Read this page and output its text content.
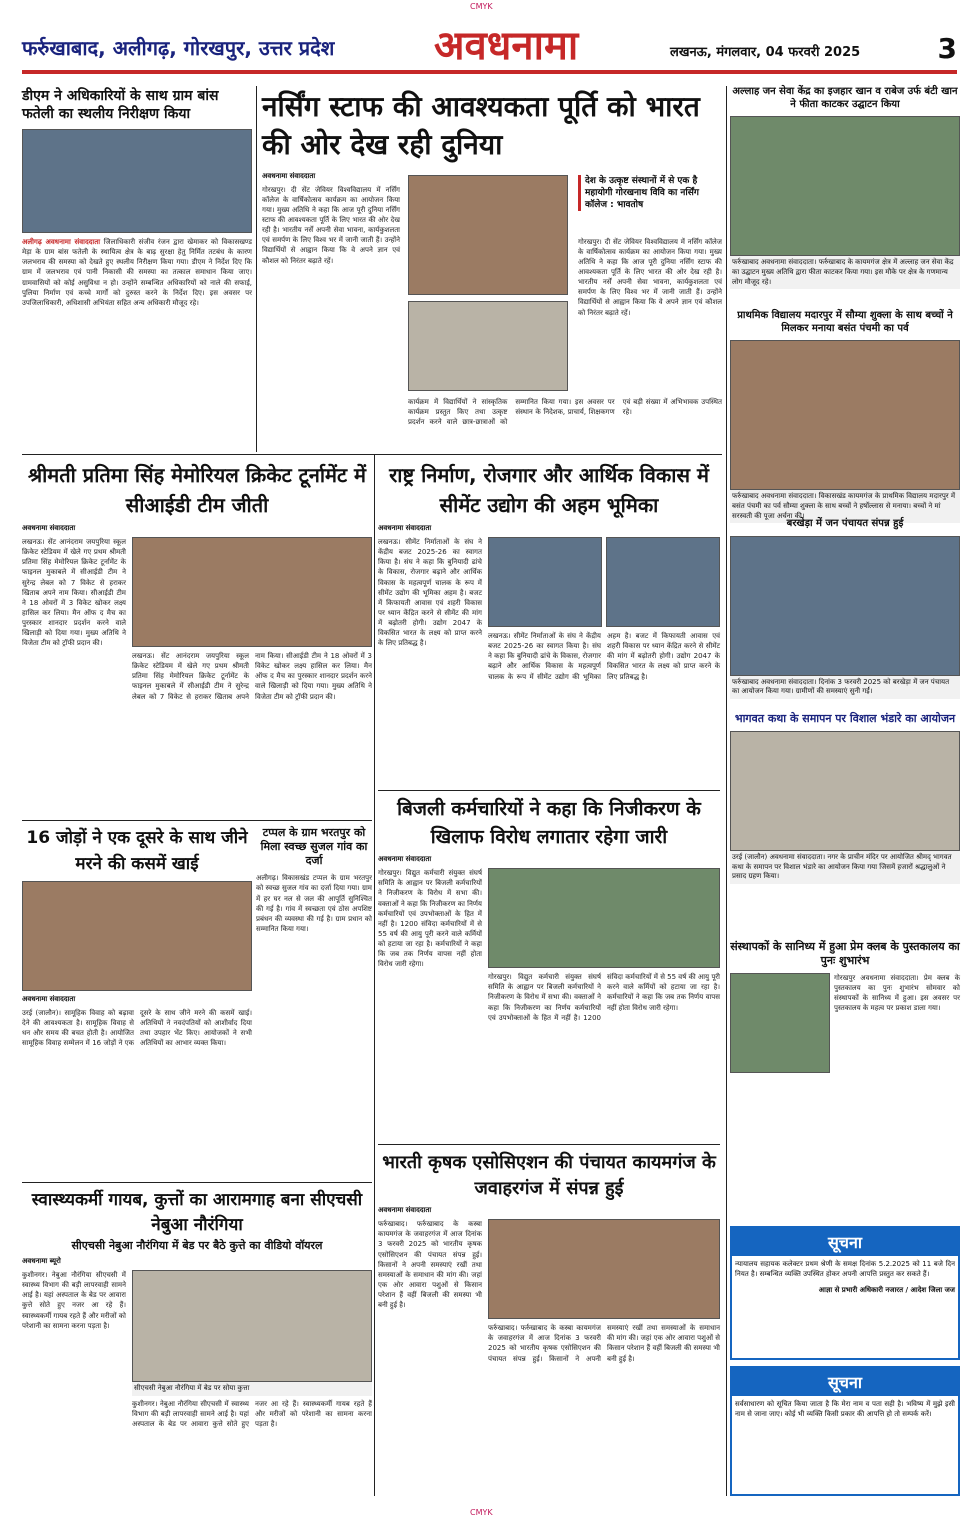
CMYK
फर्रुखाबाद, अलीगढ़, गोरखपुर, उत्तर प्रदेश अवधनामा	लखनऊ, मंगलवार, 04 फरवरी 2025	3
डीएम ने अधिकारियों के साथ ग्राम बांस फतेली का स्थलीय निरीक्षण किया
अलीगढ़ अवधनामा संवाददाता जिलाधिकारी संजीव रंजन द्वारा खेमाकर को विकासखण्ड मेड़ा के ग्राम बांस फतेली के स्थायित्व क्षेत्र के बाढ़ सुरक्षा हेतु निर्मित तटबंध के कारण जलभराव की समस्या को देखते हुए स्थलीय निरीक्षण किया गया। डीएम ने निर्देश दिए कि ग्राम में जलभराव एवं पानी निकासी की समस्या का तत्काल समाधान किया जाए। ग्रामवासियों को कोई असुविधा न हो। उन्होंने सम्बन्धित अधिकारियों को नाले की सफाई, पुलिया निर्माण एवं कच्चे मार्गों को दुरुस्त करने के निर्देश दिए। इस अवसर पर उपजिलाधिकारी, अधिशासी अभियंता सहित अन्य अधिकारी मौजूद रहे।
नर्सिंग स्टाफ की आवश्यकता पूर्ति को भारत की ओर देख रही दुनिया
अवधनामा संवाददाता
गोरखपुर। दी सेंट जेवियर विश्वविद्यालय में नर्सिंग कॉलेज के वार्षिकोत्सव कार्यक्रम का आयोजन किया गया। मुख्य अतिथि ने कहा कि आज पूरी दुनिया नर्सिंग स्टाफ की आवश्यकता पूर्ति के लिए भारत की ओर देख रही है। भारतीय नर्सें अपनी सेवा भावना, कार्यकुशलता एवं समर्पण के लिए विश्व भर में जानी जाती हैं। उन्होंने विद्यार्थियों से आह्वान किया कि वे अपने ज्ञान एवं कौशल को निरंतर बढ़ाते रहें।
देश के उत्कृष्ट संस्थानों में से एक है महायोगी गोरखनाथ विवि का नर्सिंग कॉलेज : भावतोष
कार्यक्रम में विद्यार्थियों ने सांस्कृतिक कार्यक्रम प्रस्तुत किए तथा उत्कृष्ट प्रदर्शन करने वाले छात्र-छात्राओं को सम्मानित किया गया। इस अवसर पर संस्थान के निदेशक, प्राचार्य, शिक्षकगण एवं बड़ी संख्या में अभिभावक उपस्थित रहे।
गोरखपुर। दी सेंट जेवियर विश्वविद्यालय में नर्सिंग कॉलेज के वार्षिकोत्सव कार्यक्रम का आयोजन किया गया। मुख्य अतिथि ने कहा कि आज पूरी दुनिया नर्सिंग स्टाफ की आवश्यकता पूर्ति के लिए भारत की ओर देख रही है। भारतीय नर्सें अपनी सेवा भावना, कार्यकुशलता एवं समर्पण के लिए विश्व भर में जानी जाती हैं। उन्होंने विद्यार्थियों से आह्वान किया कि वे अपने ज्ञान एवं कौशल को निरंतर बढ़ाते रहें।
अल्लाह जन सेवा केंद्र का इजहार खान व राबेज उर्फ बंटी खान ने फीता काटकर उद्घाटन किया
फर्रुखाबाद अवधनामा संवाददाता। फर्रुखाबाद के कायमगंज क्षेत्र में अल्लाह जन सेवा केंद्र का उद्घाटन मुख्य अतिथि द्वारा फीता काटकर किया गया। इस मौके पर क्षेत्र के गणमान्य लोग मौजूद रहे।
प्राथमिक विद्यालय मदारपुर में सौम्या शुक्ला के साथ बच्चों ने मिलकर मनाया बसंत पंचमी का पर्व
फर्रुखाबाद अवधनामा संवाददाता। विकासखंड कायमगंज के प्राथमिक विद्यालय मदारपुर में बसंत पंचमी का पर्व सौम्या शुक्ला के साथ बच्चों ने हर्षोल्लास से मनाया। बच्चों ने मां सरस्वती की पूजा अर्चना की।
बरखेड़ा में जन पंचायत संपन्न हुई
फर्रुखाबाद अवधनामा संवाददाता। दिनांक 3 फरवरी 2025 को बरखेड़ा में जन पंचायत का आयोजन किया गया। ग्रामीणों की समस्याएं सुनी गईं।
भागवत कथा के समापन पर विशाल भंडारे का आयोजन
उरई (जालौन) अवधनामा संवाददाता। नगर के प्राचीन मंदिर पर आयोजित श्रीमद् भागवत कथा के समापन पर विशाल भंडारे का आयोजन किया गया जिसमें हजारों श्रद्धालुओं ने प्रसाद ग्रहण किया।
संस्थापकों के सानिध्य में हुआ प्रेम क्लब के पुस्तकालय का पुनः शुभारंभ
गोरखपुर अवधनामा संवाददाता। प्रेम क्लब के पुस्तकालय का पुनः शुभारंभ सोमवार को संस्थापकों के सानिध्य में हुआ। इस अवसर पर पुस्तकालय के महत्व पर प्रकाश डाला गया।
सूचना
न्यायालय सहायक कलेक्टर प्रथम श्रेणी के समक्ष दिनांक 5.2.2025 को 11 बजे दिन नियत है। सम्बन्धित व्यक्ति उपस्थित होकर अपनी आपत्ति प्रस्तुत कर सकते हैं।
आज्ञा से प्रभारी अधिकारी नजारत / आदेश जिला जज
सूचना
सर्वसाधारण को सूचित किया जाता है कि मेरा नाम व पता सही है। भविष्य में मुझे इसी नाम से जाना जाए। कोई भी व्यक्ति किसी प्रकार की आपत्ति हो तो सम्पर्क करें।
श्रीमती प्रतिमा सिंह मेमोरियल क्रिकेट टूर्नामेंट में सीआईडी टीम जीती
अवधनामा संवाददाता
लखनऊ। सेंट आनंदराम जयपुरिया स्कूल क्रिकेट स्टेडियम में खेले गए प्रथम श्रीमती प्रतिमा सिंह मेमोरियल क्रिकेट टूर्नामेंट के फाइनल मुकाबले में सीआईडी टीम ने सुरेन्द्र लेबल को 7 विकेट से हराकर खिताब अपने नाम किया। सीआईडी टीम ने 18 ओवरों में 3 विकेट खोकर लक्ष्य हासिल कर लिया। मैन ऑफ द मैच का पुरस्कार शानदार प्रदर्शन करने वाले खिलाड़ी को दिया गया। मुख्य अतिथि ने विजेता टीम को ट्रॉफी प्रदान की।
लखनऊ। सेंट आनंदराम जयपुरिया स्कूल क्रिकेट स्टेडियम में खेले गए प्रथम श्रीमती प्रतिमा सिंह मेमोरियल क्रिकेट टूर्नामेंट के फाइनल मुकाबले में सीआईडी टीम ने सुरेन्द्र लेबल को 7 विकेट से हराकर खिताब अपने नाम किया। सीआईडी टीम ने 18 ओवरों में 3 विकेट खोकर लक्ष्य हासिल कर लिया। मैन ऑफ द मैच का पुरस्कार शानदार प्रदर्शन करने वाले खिलाड़ी को दिया गया। मुख्य अतिथि ने विजेता टीम को ट्रॉफी प्रदान की।
राष्ट्र निर्माण, रोजगार और आर्थिक विकास में सीमेंट उद्योग की अहम भूमिका
अवधनामा संवाददाता
लखनऊ। सीमेंट निर्माताओं के संघ ने केंद्रीय बजट 2025-26 का स्वागत किया है। संघ ने कहा कि बुनियादी ढांचे के विकास, रोजगार बढ़ाने और आर्थिक विकास के महत्वपूर्ण चालक के रूप में सीमेंट उद्योग की भूमिका अहम है। बजट में किफायती आवास एवं शहरी विकास पर ध्यान केंद्रित करने से सीमेंट की मांग में बढ़ोतरी होगी। उद्योग 2047 के विकसित भारत के लक्ष्य को प्राप्त करने के लिए प्रतिबद्ध है।
लखनऊ। सीमेंट निर्माताओं के संघ ने केंद्रीय बजट 2025-26 का स्वागत किया है। संघ ने कहा कि बुनियादी ढांचे के विकास, रोजगार बढ़ाने और आर्थिक विकास के महत्वपूर्ण चालक के रूप में सीमेंट उद्योग की भूमिका अहम है। बजट में किफायती आवास एवं शहरी विकास पर ध्यान केंद्रित करने से सीमेंट की मांग में बढ़ोतरी होगी। उद्योग 2047 के विकसित भारत के लक्ष्य को प्राप्त करने के लिए प्रतिबद्ध है।
16 जोड़ों ने एक दूसरे के साथ जीने मरने की कसमें खाई
अवधनामा संवाददाता
उरई (जालौन)। सामूहिक विवाह को बढ़ावा देने की आवश्यकता है। सामूहिक विवाह से धन और समय की बचत होती है। आयोजित सामूहिक विवाह सम्मेलन में 16 जोड़ों ने एक दूसरे के साथ जीने मरने की कसमें खाई। अतिथियों ने नवदंपतियों को आशीर्वाद दिया तथा उपहार भेंट किए। आयोजकों ने सभी अतिथियों का आभार व्यक्त किया।
टप्पल के ग्राम भरतपुर को मिला स्वच्छ सुजल गांव का दर्जा
अलीगढ़। विकासखंड टप्पल के ग्राम भरतपुर को स्वच्छ सुजल गांव का दर्जा दिया गया। ग्राम में हर घर नल से जल की आपूर्ति सुनिश्चित की गई है। गांव में स्वच्छता एवं ठोस अपशिष्ट प्रबंधन की व्यवस्था की गई है। ग्राम प्रधान को सम्मानित किया गया।
बिजली कर्मचारियों ने कहा कि निजीकरण के खिलाफ विरोध लगातार रहेगा जारी
अवधनामा संवाददाता
गोरखपुर। विद्युत कर्मचारी संयुक्त संघर्ष समिति के आह्वान पर बिजली कर्मचारियों ने निजीकरण के विरोध में सभा की। वक्ताओं ने कहा कि निजीकरण का निर्णय कर्मचारियों एवं उपभोक्ताओं के हित में नहीं है। 1200 संविदा कर्मचारियों में से 55 वर्ष की आयु पूरी करने वाले कर्मियों को हटाया जा रहा है। कर्मचारियों ने कहा कि जब तक निर्णय वापस नहीं होता विरोध जारी रहेगा।
गोरखपुर। विद्युत कर्मचारी संयुक्त संघर्ष समिति के आह्वान पर बिजली कर्मचारियों ने निजीकरण के विरोध में सभा की। वक्ताओं ने कहा कि निजीकरण का निर्णय कर्मचारियों एवं उपभोक्ताओं के हित में नहीं है। 1200 संविदा कर्मचारियों में से 55 वर्ष की आयु पूरी करने वाले कर्मियों को हटाया जा रहा है। कर्मचारियों ने कहा कि जब तक निर्णय वापस नहीं होता विरोध जारी रहेगा।
स्वास्थ्यकर्मी गायब, कुत्तों का आरामगाह बना सीएचसी नेबुआ नौरंगिया
सीएचसी नेबुआ नौरंगिया में बेड पर बैठे कुत्ते का वीडियो वॉयरल
अवधनामा ब्यूरो
कुशीनगर। नेबुआ नौरंगिया सीएचसी में स्वास्थ्य विभाग की बड़ी लापरवाही सामने आई है। यहां अस्पताल के बेड पर आवारा कुत्ते सोते हुए नजर आ रहे हैं। स्वास्थ्यकर्मी गायब रहते हैं और मरीजों को परेशानी का सामना करना पड़ता है।
सीएचसी नेबुआ नौरंगिया में बेड पर सोया कुत्ता
कुशीनगर। नेबुआ नौरंगिया सीएचसी में स्वास्थ्य विभाग की बड़ी लापरवाही सामने आई है। यहां अस्पताल के बेड पर आवारा कुत्ते सोते हुए नजर आ रहे हैं। स्वास्थ्यकर्मी गायब रहते हैं और मरीजों को परेशानी का सामना करना पड़ता है।
भारती कृषक एसोसिएशन की पंचायत कायमगंज के जवाहरगंज में संपन्न हुई
अवधनामा संवाददाता
फर्रुखाबाद। फर्रुखाबाद के कस्बा कायमगंज के जवाहरगंज में आज दिनांक 3 फरवरी 2025 को भारतीय कृषक एसोसिएशन की पंचायत संपन्न हुई। किसानों ने अपनी समस्याएं रखीं तथा समस्याओं के समाधान की मांग की। जहां एक ओर आवारा पशुओं से किसान परेशान हैं वहीं बिजली की समस्या भी बनी हुई है।
फर्रुखाबाद। फर्रुखाबाद के कस्बा कायमगंज के जवाहरगंज में आज दिनांक 3 फरवरी 2025 को भारतीय कृषक एसोसिएशन की पंचायत संपन्न हुई। किसानों ने अपनी समस्याएं रखीं तथा समस्याओं के समाधान की मांग की। जहां एक ओर आवारा पशुओं से किसान परेशान हैं वहीं बिजली की समस्या भी बनी हुई है।
CMYK
